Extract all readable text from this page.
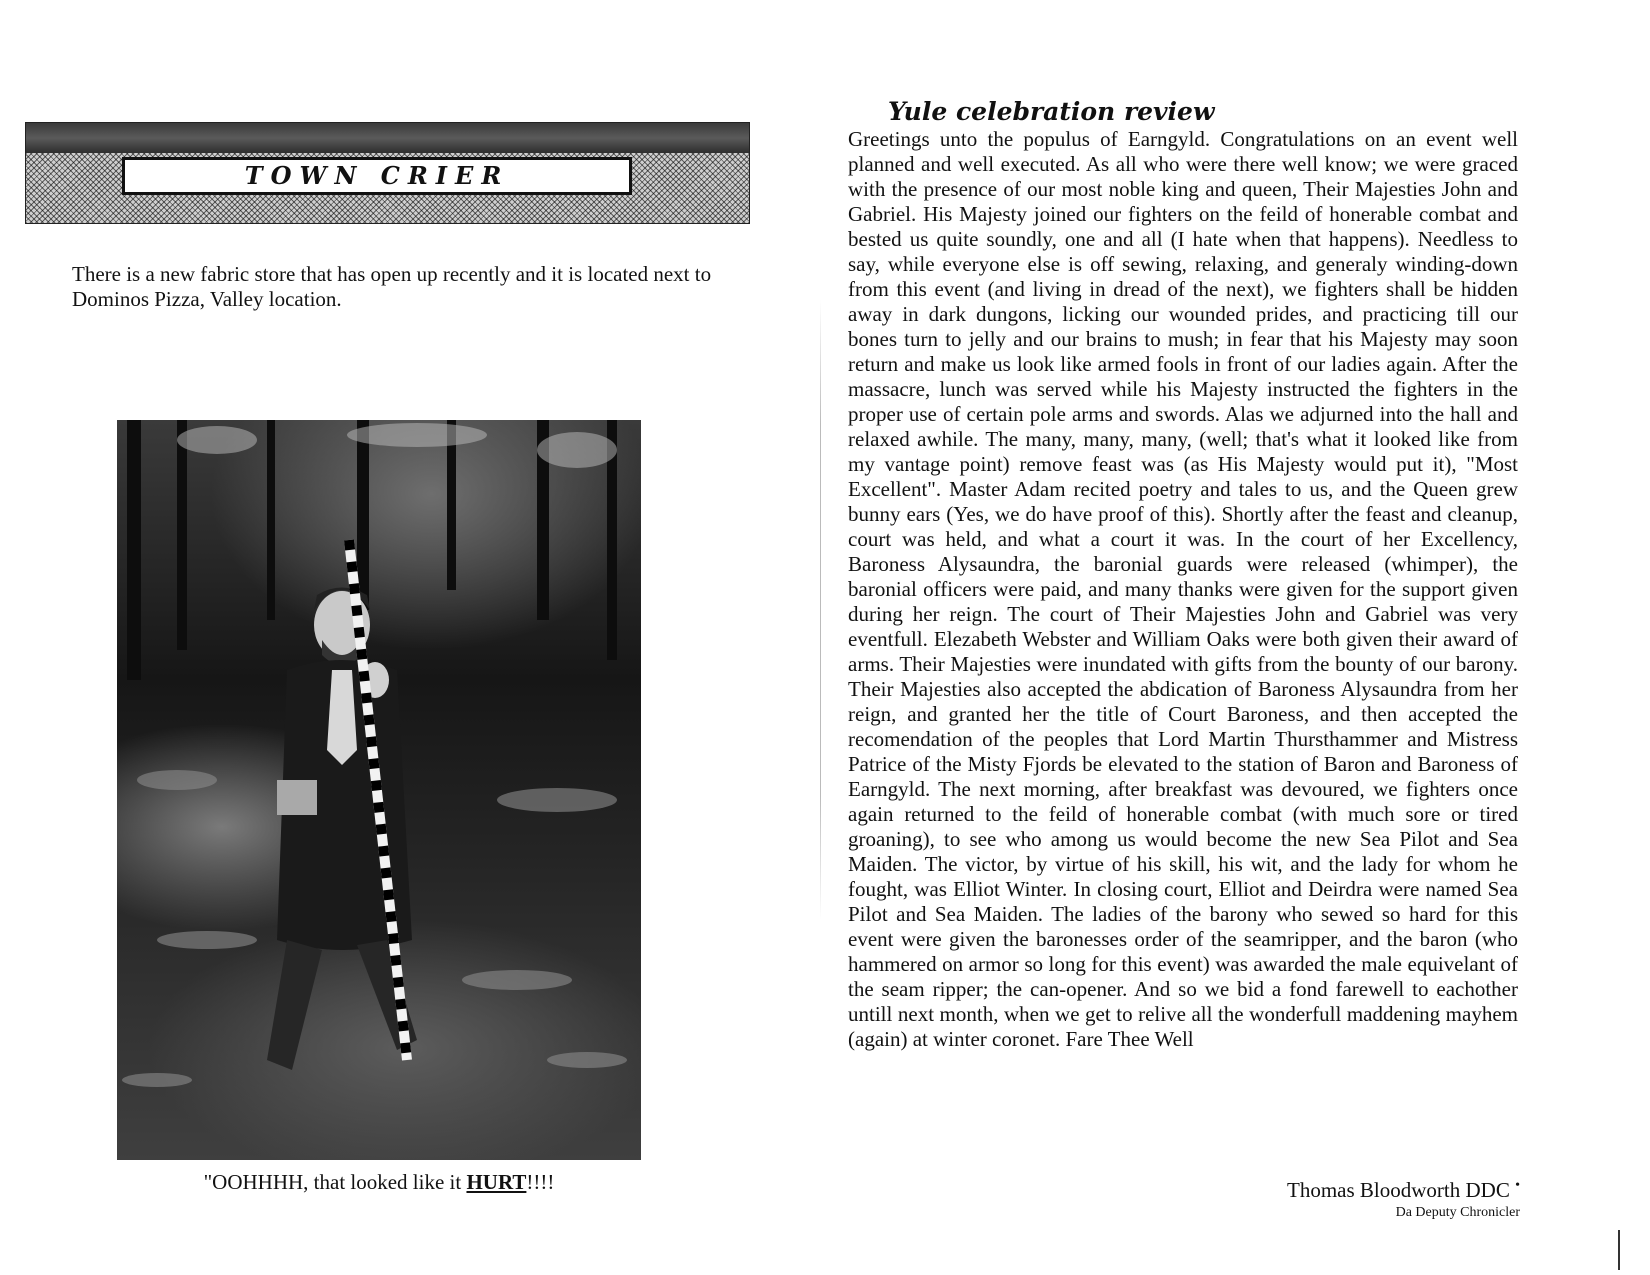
TOWN CRIER
There is a new fabric store that has open up recently and it is located next to Dominos Pizza, Valley location.
"OOHHHH, that looked like it HURT!!!!
Yule celebration review
Greetings unto the populus of Earngyld. Congratulations on an event well planned and well executed. As all who were there well know; we were graced with the presence of our most noble king and queen, Their Majesties John and Gabriel. His Majesty joined our fighters on the feild of honerable combat and bested us quite soundly, one and all (I hate when that happens). Needless to say, while everyone else is off sewing, relaxing, and generaly winding-down from this event (and living in dread of the next), we fighters shall be hidden away in dark dungons, licking our wounded prides, and practicing till our bones turn to jelly and our brains to mush; in fear that his Majesty may soon return and make us look like armed fools in front of our ladies again. After the massacre, lunch was served while his Majesty instructed the fighters in the proper use of certain pole arms and swords. Alas we adjurned into the hall and relaxed awhile. The many, many, many, (well; that's what it looked like from my vantage point) remove feast was (as His Majesty would put it), "Most Excellent". Master Adam recited poetry and tales to us, and the Queen grew bunny ears (Yes, we do have proof of this). Shortly after the feast and cleanup, court was held, and what a court it was. In the court of her Excellency, Baroness Alysaundra, the baronial guards were released (whimper), the baronial officers were paid, and many thanks were given for the support given during her reign. The court of Their Majesties John and Gabriel was very eventfull. Elezabeth Webster and William Oaks were both given their award of arms. Their Majesties were inundated with gifts from the bounty of our barony. Their Majesties also accepted the abdication of Baroness Alysaundra from her reign, and granted her the title of Court Baroness, and then accepted the recomendation of the peoples that Lord Martin Thursthammer and Mistress Patrice of the Misty Fjords be elevated to the station of Baron and Baroness of Earngyld. The next morning, after breakfast was devoured, we fighters once again returned to the feild of honerable combat (with much sore or tired groaning), to see who among us would become the new Sea Pilot and Sea Maiden. The victor, by virtue of his skill, his wit, and the lady for whom he fought, was Elliot Winter. In closing court, Elliot and Deirdra were named Sea Pilot and Sea Maiden. The ladies of the barony who sewed so hard for this event were given the baronesses order of the seamripper, and the baron (who hammered on armor so long for this event) was awarded the male equivelant of the seam ripper; the can-opener. And so we bid a fond farewell to eachother untill next month, when we get to relive all the wonderfull maddening mayhem (again) at winter coronet. Fare Thee Well
Thomas Bloodworth DDC •
Da Deputy Chronicler
